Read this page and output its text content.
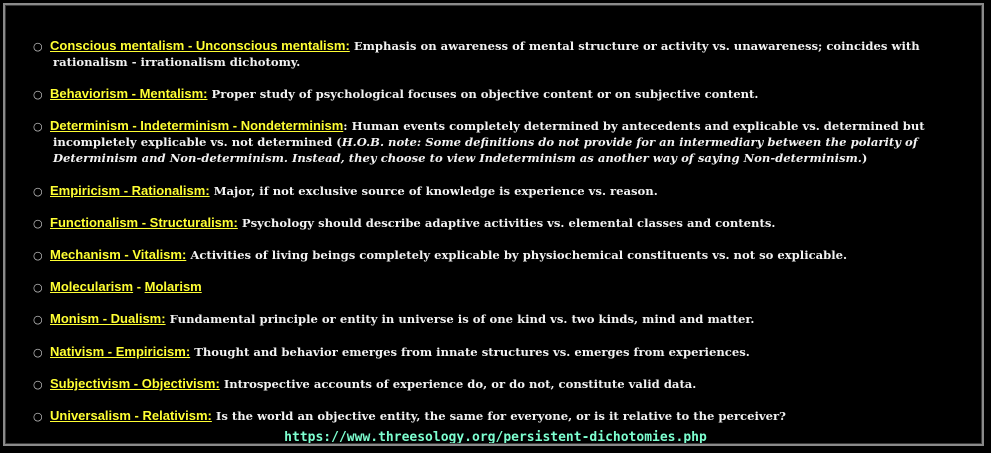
○ Conscious mentalism - Unconscious mentalism: Emphasis on awareness of mental structure or activity vs. unawareness; coincides with
rationalism - irrationalism dichotomy.
○ Behaviorism - Mentalism: Proper study of psychological focuses on objective content or on subjective content.
○ Determinism - Indeterminism - Nondeterminism: Human events completely determined by antecedents and explicable vs. determined but
incompletely explicable vs. not determined (H.O.B. note: Some definitions do not provide for an intermediary between the polarity of Determinism and Non-determinism. Instead, they choose to view Indeterminism as another way of saying Non-determinism.)
○ Empiricism - Rationalism: Major, if not exclusive source of knowledge is experience vs. reason.
○ Functionalism - Structuralism: Psychology should describe adaptive activities vs. elemental classes and contents.
○ Mechanism - Vitalism: Activities of living beings completely explicable by physiochemical constituents vs. not so explicable.
○ Molecularism - Molarism
○ Monism - Dualism: Fundamental principle or entity in universe is of one kind vs. two kinds, mind and matter.
○ Nativism - Empiricism: Thought and behavior emerges from innate structures vs. emerges from experiences.
○ Subjectivism - Objectivism: Introspective accounts of experience do, or do not, constitute valid data.
○ Universalism - Relativism: Is the world an objective entity, the same for everyone, or is it relative to the perceiver?
https://www.threesology.org/persistent-dichotomies.php
